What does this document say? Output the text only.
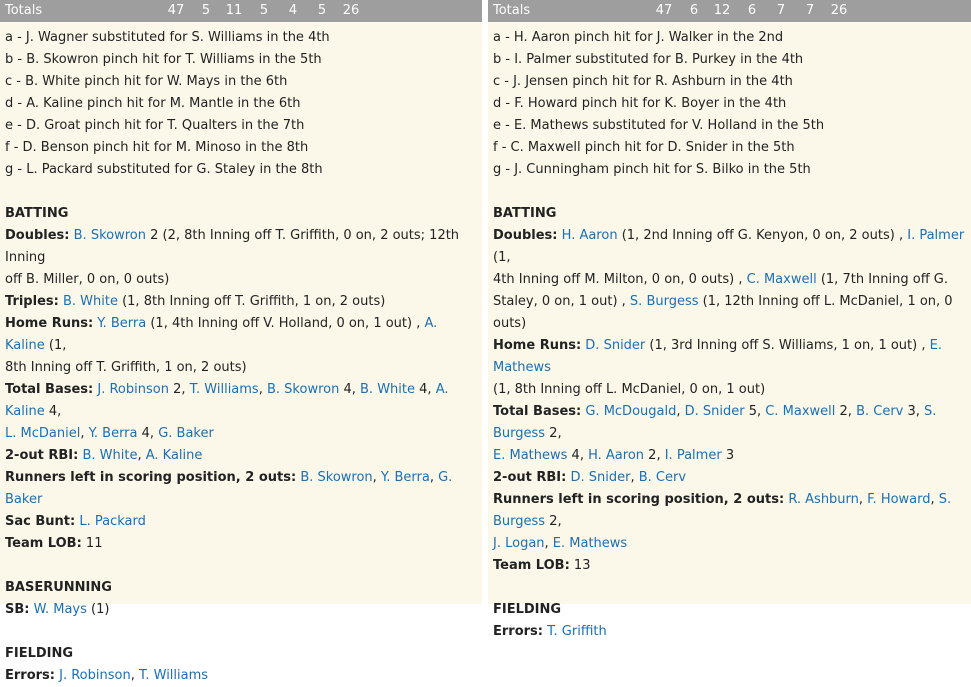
Totals	47	5	11	5	4	5	26
a - J. Wagner substituted for S. Williams in the 4th
b - B. Skowron pinch hit for T. Williams in the 5th
c - B. White pinch hit for W. Mays in the 6th
d - A. Kaline pinch hit for M. Mantle in the 6th
e - D. Groat pinch hit for T. Qualters in the 7th
f - D. Benson pinch hit for M. Minoso in the 8th
g - L. Packard substituted for G. Staley in the 8th
BATTING
Doubles: B. Skowron 2 (2, 8th Inning off T. Griffith, 0 on, 2 outs; 12th Inning
off B. Miller, 0 on, 0 outs)
Triples: B. White (1, 8th Inning off T. Griffith, 1 on, 2 outs)
Home Runs: Y. Berra (1, 4th Inning off V. Holland, 0 on, 1 out) , A. Kaline (1,
8th Inning off T. Griffith, 1 on, 2 outs)
Total Bases: J. Robinson 2, T. Williams, B. Skowron 4, B. White 4, A. Kaline 4,
L. McDaniel, Y. Berra 4, G. Baker
2-out RBI: B. White, A. Kaline
Runners left in scoring position, 2 outs: B. Skowron, Y. Berra, G. Baker
Sac Bunt: L. Packard
Team LOB: 11
BASERUNNING
SB: W. Mays (1)
FIELDING
Errors: J. Robinson, T. Williams
Totals	47	6	12	6	7	7	26
a - H. Aaron pinch hit for J. Walker in the 2nd
b - I. Palmer substituted for B. Purkey in the 4th
c - J. Jensen pinch hit for R. Ashburn in the 4th
d - F. Howard pinch hit for K. Boyer in the 4th
e - E. Mathews substituted for V. Holland in the 5th
f - C. Maxwell pinch hit for D. Snider in the 5th
g - J. Cunningham pinch hit for S. Bilko in the 5th
BATTING
Doubles: H. Aaron (1, 2nd Inning off G. Kenyon, 0 on, 2 outs) , I. Palmer (1,
4th Inning off M. Milton, 0 on, 0 outs) , C. Maxwell (1, 7th Inning off G.
Staley, 0 on, 1 out) , S. Burgess (1, 12th Inning off L. McDaniel, 1 on, 0 outs)
Home Runs: D. Snider (1, 3rd Inning off S. Williams, 1 on, 1 out) , E. Mathews
(1, 8th Inning off L. McDaniel, 0 on, 1 out)
Total Bases: G. McDougald, D. Snider 5, C. Maxwell 2, B. Cerv 3, S. Burgess 2,
E. Mathews 4, H. Aaron 2, I. Palmer 3
2-out RBI: D. Snider, B. Cerv
Runners left in scoring position, 2 outs: R. Ashburn, F. Howard, S. Burgess 2,
J. Logan, E. Mathews
Team LOB: 13
FIELDING
Errors: T. Griffith
